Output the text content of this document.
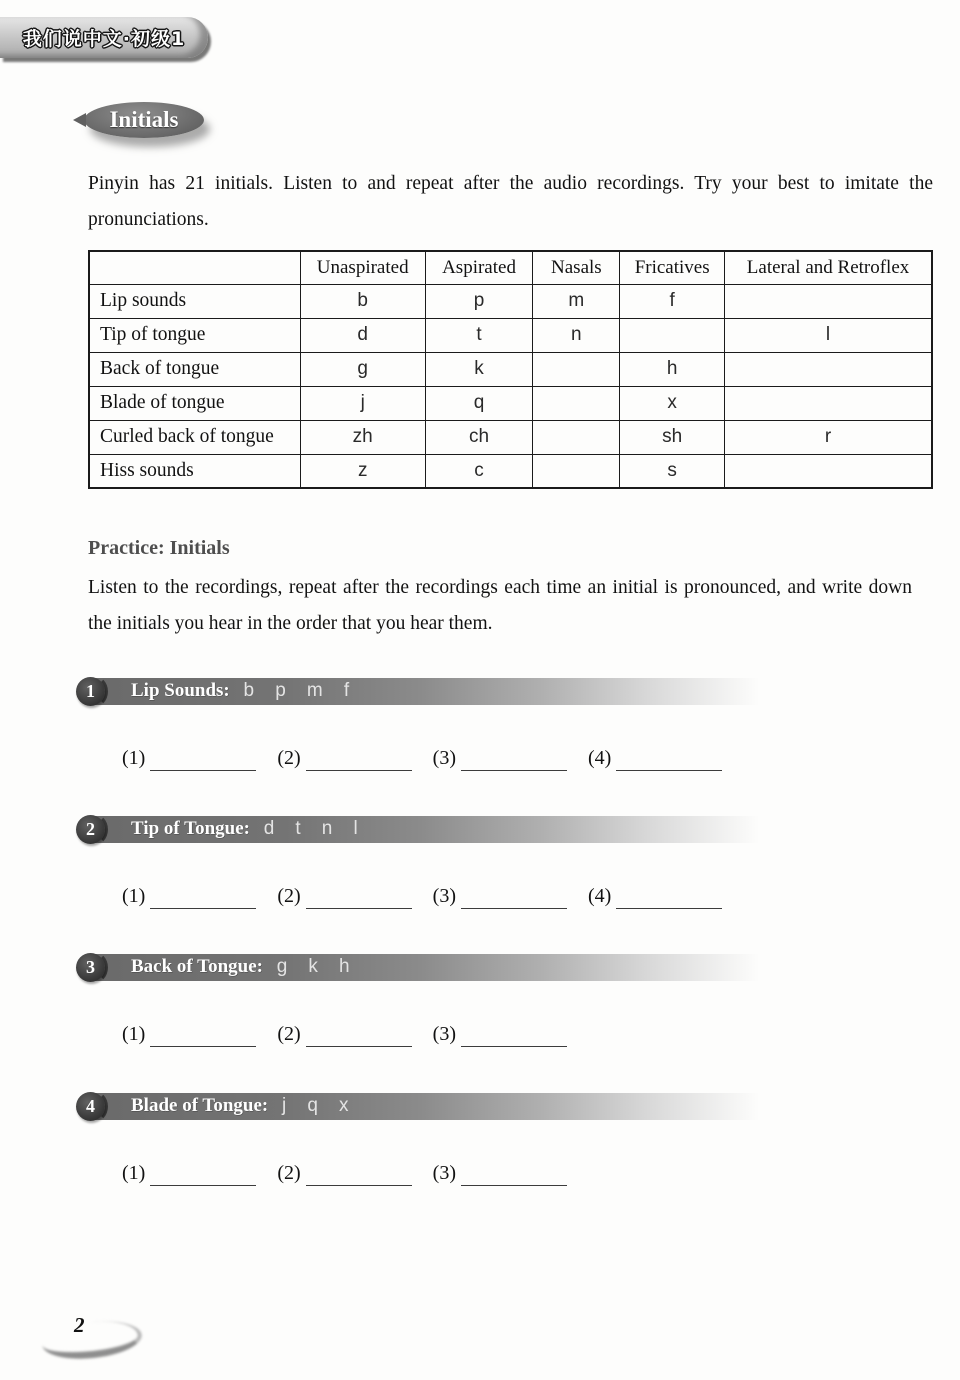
我们说中文·初级1
Initials

Pinyin has 21 initials. Listen to and repeat after the audio recordings. Try your best to imitate the pronunciations.

	Unaspirated	Aspirated	Nasals	Fricatives	Lateral and Retroflex
Lip sounds	b	p	m	f	
Tip of tongue	d	t	n		l
Back of tongue	g	k		h	
Blade of tongue	j	q		x	
Curled back of tongue	zh	ch		sh	r
Hiss sounds	z	c		s	
Practice: Initials

Listen to the recordings, repeat after the recordings each time an initial is pronounced, and write down the initials you hear in the order that you hear them.

1	Lip Sounds: b    p    m    f
(1)	(2)	(3)	(4)
2	Tip of Tongue: d    t    n    l
(1)	(2)	(3)	(4)
3	Back of Tongue: g    k    h
(1)	(2)	(3)
4	Blade of Tongue: j    q    x
(1)	(2)	(3)
2
